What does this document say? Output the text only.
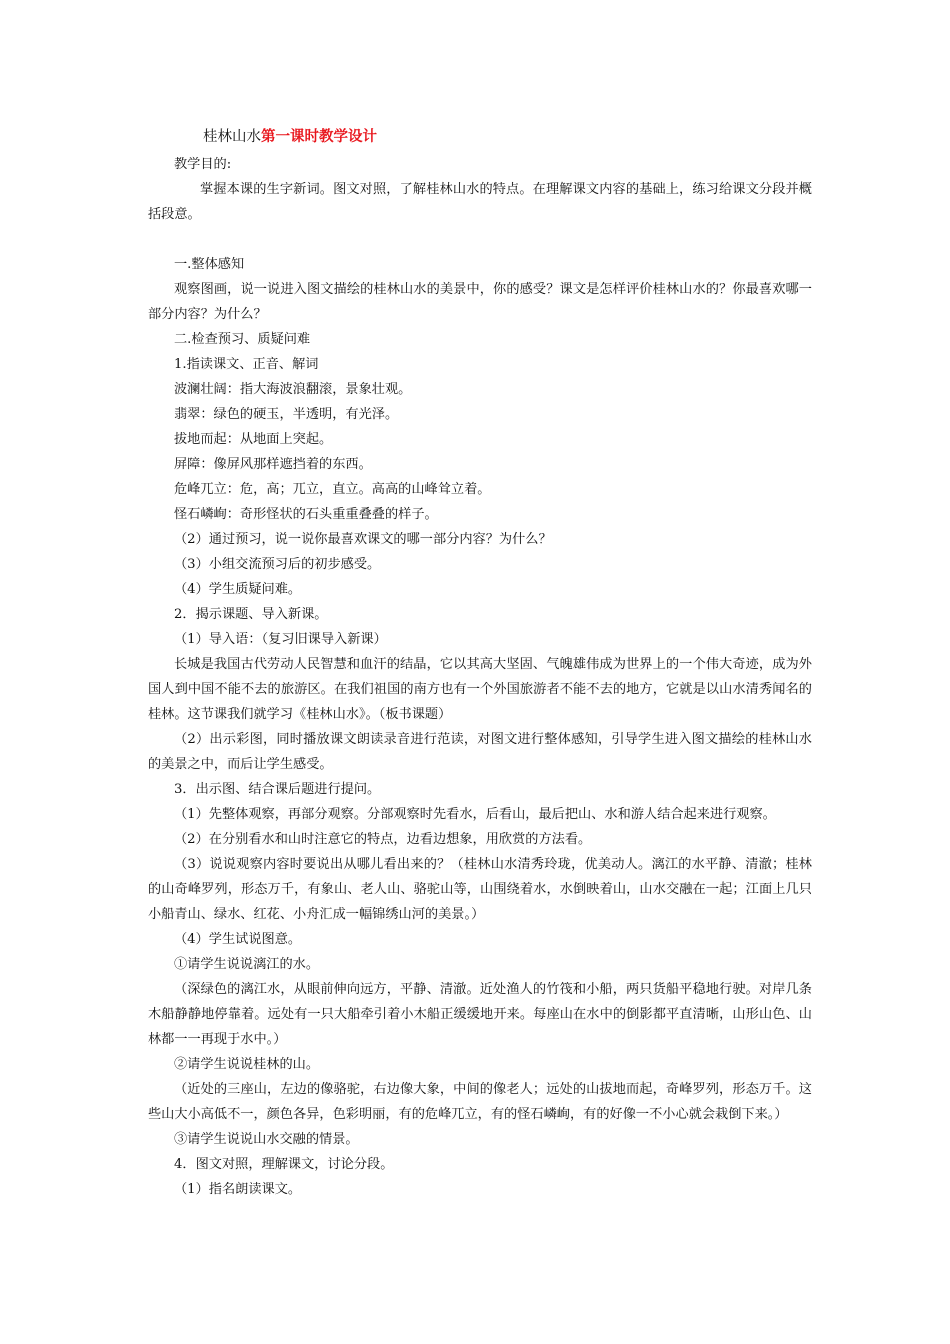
桂林山水第一课时教学设计

教学目的:

掌握本课的生字新词。图文对照，了解桂林山水的特点。在理解课文内容的基础上，练习给课文分段并概括段意。

一.整体感知

观察图画，说一说进入图文描绘的桂林山水的美景中，你的感受？课文是怎样评价桂林山水的？你最喜欢哪一部分内容？为什么？

二.检查预习、质疑问难

1.指读课文、正音、解词

波澜壮阔：指大海波浪翻滚，景象壮观。

翡翠：绿色的硬玉，半透明，有光泽。

拔地而起：从地面上突起。

屏障：像屏风那样遮挡着的东西。

危峰兀立：危，高；兀立，直立。高高的山峰耸立着。

怪石嶙峋：奇形怪状的石头重重叠叠的样子。

（2）通过预习，说一说你最喜欢课文的哪一部分内容？为什么？

（3）小组交流预习后的初步感受。

（4）学生质疑问难。

2．揭示课题、导入新课。

（1）导入语：（复习旧课导入新课）

长城是我国古代劳动人民智慧和血汗的结晶，它以其高大坚固、气魄雄伟成为世界上的一个伟大奇迹，成为外国人到中国不能不去的旅游区。在我们祖国的南方也有一个外国旅游者不能不去的地方，它就是以山水清秀闻名的桂林。这节课我们就学习《桂林山水》。（板书课题）

（2）出示彩图，同时播放课文朗读录音进行范读，对图文进行整体感知，引导学生进入图文描绘的桂林山水的美景之中，而后让学生感受。

3．出示图、结合课后题进行提问。

（1）先整体观察，再部分观察。分部观察时先看水，后看山，最后把山、水和游人结合起来进行观察。

（2）在分别看水和山时注意它的特点，边看边想象，用欣赏的方法看。

（3）说说观察内容时要说出从哪儿看出来的？（桂林山水清秀玲珑，优美动人。漓江的水平静、清澈；桂林的山奇峰罗列，形态万千，有象山、老人山、骆驼山等，山围绕着水，水倒映着山，山水交融在一起；江面上几只小船青山、绿水、红花、小舟汇成一幅锦绣山河的美景。）

（4）学生试说图意。

①请学生说说漓江的水。

（深绿色的漓江水，从眼前伸向远方，平静、清澈。近处渔人的竹筏和小船，两只货船平稳地行驶。对岸几条木船静静地停靠着。远处有一只大船牵引着小木船正缓缓地开来。每座山在水中的倒影都平直清晰，山形山色、山林都一一再现于水中。）

②请学生说说桂林的山。

（近处的三座山，左边的像骆驼，右边像大象，中间的像老人；远处的山拔地而起，奇峰罗列，形态万千。这些山大小高低不一，颜色各异，色彩明丽，有的危峰兀立，有的怪石嶙峋，有的好像一不小心就会栽倒下来。）

③请学生说说山水交融的情景。

4．图文对照，理解课文，讨论分段。

（1）指名朗读课文。
